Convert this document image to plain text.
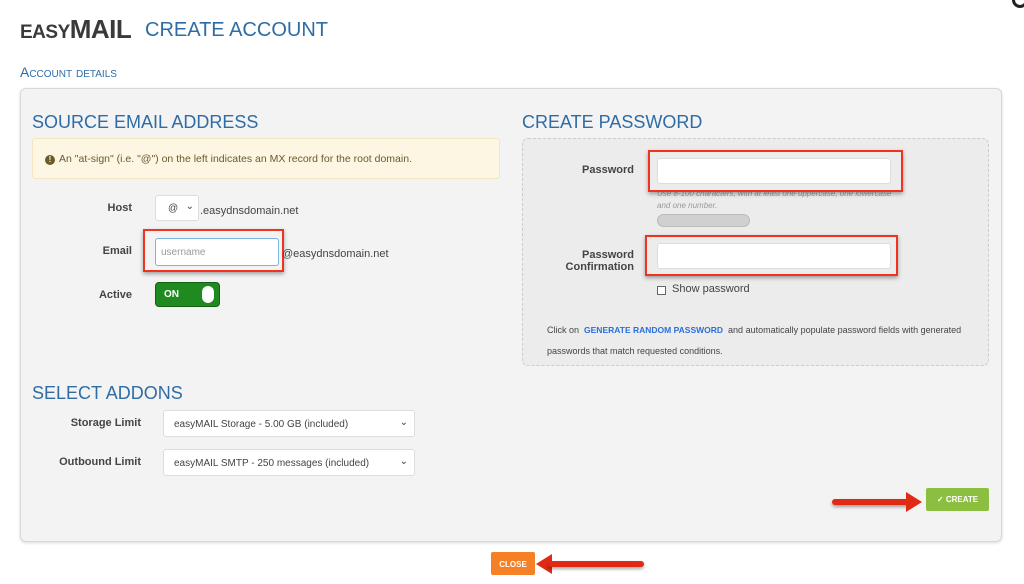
EASYMAIL CREATE ACCOUNT
Account details
SOURCE EMAIL ADDRESS
! An "at-sign" (i.e. "@") on the left indicates an MX record for the root domain.
Host	@ ⌄ .easydnsdomain.net
Email	username	@easydnsdomain.net
Active	ON
SELECT ADDONS
Storage Limit	easyMAIL Storage - 5.00 GB (included)	⌄
Outbound Limit	easyMAIL SMTP - 250 messages (included)	⌄
CREATE PASSWORD
Password
Use 8-100 characters, with at least one uppercase, one lowercase and one number.
Password
Confirmation
Show password
Click on GENERATE RANDOM PASSWORD and automatically populate password fields with generated passwords that match requested conditions.
✓ CREATE
CLOSE
